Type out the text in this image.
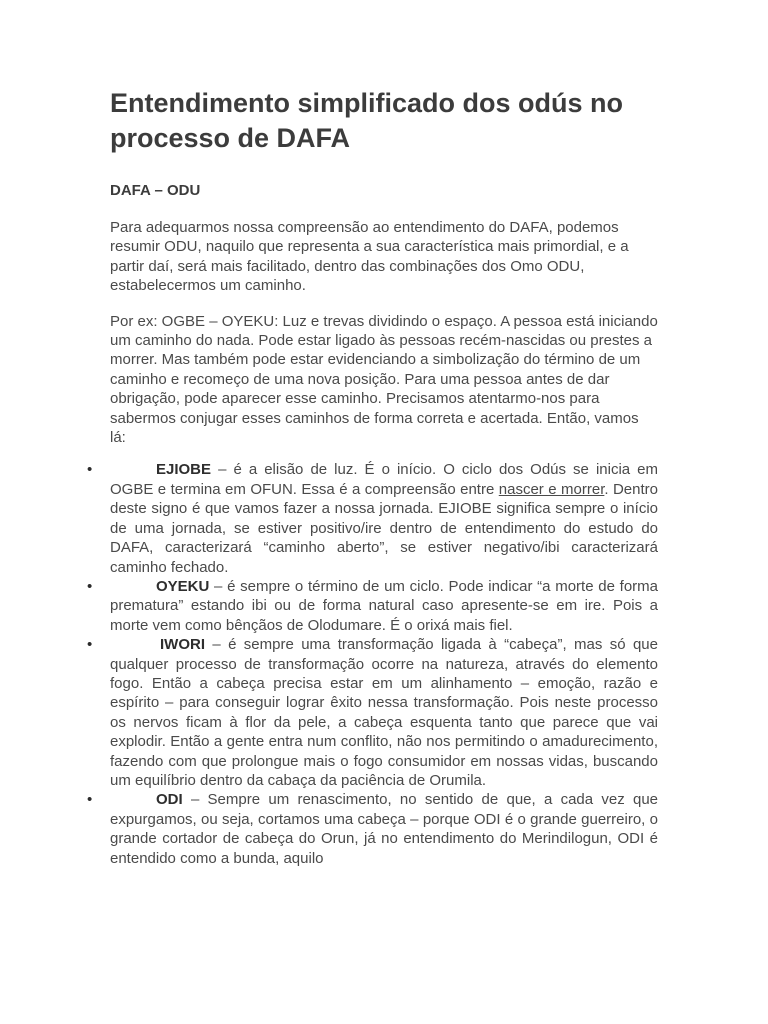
Entendimento simplificado dos odús no processo de DAFA
DAFA – ODU

Para adequarmos nossa compreensão ao entendimento do DAFA, podemos resumir ODU, naquilo que representa a sua característica mais primordial, e a partir daí, será mais facilitado, dentro das combinações dos Omo ODU, estabelecermos um caminho.

Por ex: OGBE – OYEKU: Luz e trevas dividindo o espaço. A pessoa está iniciando um caminho do nada. Pode estar ligado às pessoas recém-nascidas ou prestes a morrer. Mas também pode estar evidenciando a simbolização do término de um caminho e recomeço de uma nova posição. Para uma pessoa antes de dar obrigação, pode aparecer esse caminho. Precisamos atentarmo-nos para sabermos conjugar esses caminhos de forma correta e acertada. Então, vamos lá:

•	EJIOBE – é a elisão de luz. É o início. O ciclo dos Odús se inicia em OGBE e termina em OFUN. Essa é a compreensão entre nascer e morrer. Dentro deste signo é que vamos fazer a nossa jornada. EJIOBE significa sempre o início de uma jornada, se estiver positivo/ire dentro de entendimento do estudo do DAFA, caracterizará “caminho aberto”, se estiver negativo/ibi caracterizará caminho fechado.
•	OYEKU – é sempre o término de um ciclo. Pode indicar “a morte de forma prematura” estando ibi ou de forma natural caso apresente-se em ire. Pois a morte vem como bênçãos de Olodumare. É o orixá mais fiel.
•	IWORI – é sempre uma transformação ligada à “cabeça”, mas só que qualquer processo de transformação ocorre na natureza, através do elemento fogo. Então a cabeça precisa estar em um alinhamento – emoção, razão e espírito – para conseguir lograr êxito nessa transformação. Pois neste processo os nervos ficam à flor da pele, a cabeça esquenta tanto que parece que vai explodir. Então a gente entra num conflito, não nos permitindo o amadurecimento, fazendo com que prolongue mais o fogo consumidor em nossas vidas, buscando um equilíbrio dentro da cabaça da paciência de Orumila.
•	ODI – Sempre um renascimento, no sentido de que, a cada vez que expurgamos, ou seja, cortamos uma cabeça – porque ODI é o grande guerreiro, o grande cortador de cabeça do Orun, já no entendimento do Merindilogun, ODI é entendido como a bunda, aquilo
